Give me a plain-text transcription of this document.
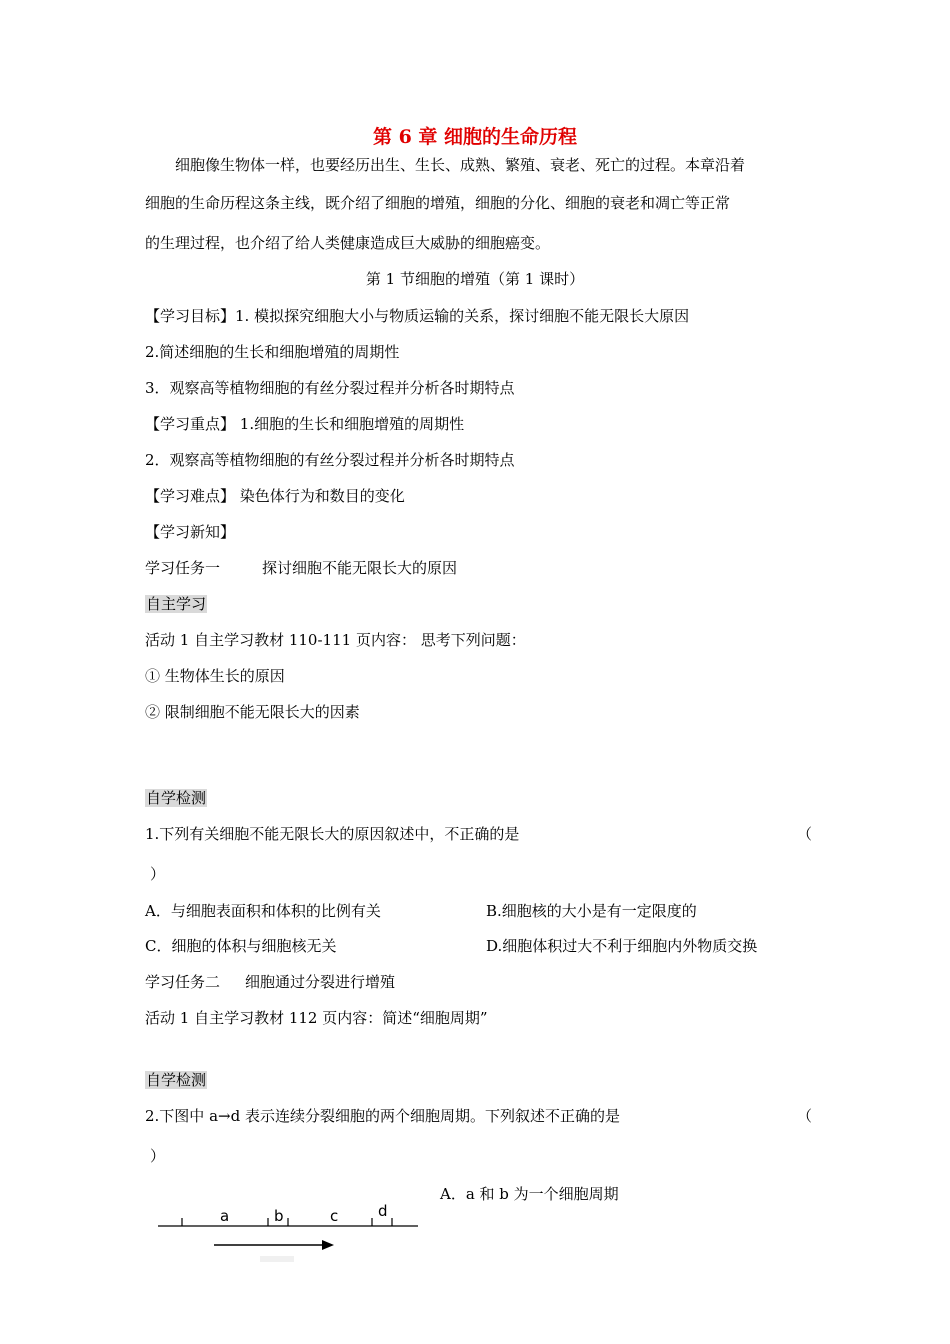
第 6 章 细胞的生命历程
细胞像生物体一样，也要经历出生、生长、成熟、繁殖、衰老、死亡的过程。本章沿着
细胞的生命历程这条主线，既介绍了细胞的增殖，细胞的分化、细胞的衰老和凋亡等正常
的生理过程，也介绍了给人类健康造成巨大威胁的细胞癌变。
第 1 节细胞的增殖（第 1 课时）
【学习目标】1. 模拟探究细胞大小与物质运输的关系，探讨细胞不能无限长大原因
2.简述细胞的生长和细胞增殖的周期性
3．观察高等植物细胞的有丝分裂过程并分析各时期特点
【学习重点】 1.细胞的生长和细胞增殖的周期性
2．观察高等植物细胞的有丝分裂过程并分析各时期特点
【学习难点】 染色体行为和数目的变化
【学习新知】
学习任务一	探讨细胞不能无限长大的原因
自主学习
活动 1 自主学习教材 110-111 页内容： 思考下列问题：
① 生物体生长的原因
② 限制细胞不能无限长大的因素
自学检测
1.下列有关细胞不能无限长大的原因叙述中，不正确的是	（
）
A．与细胞表面积和体积的比例有关	B.细胞核的大小是有一定限度的
C．细胞的体积与细胞核无关	D.细胞体积过大不利于细胞内外物质交换
学习任务二 细胞通过分裂进行增殖
活动 1 自主学习教材 112 页内容：简述“细胞周期”
自学检测
2.下图中 a→d 表示连续分裂细胞的两个细胞周期。下列叙述不正确的是	（
）
A．a 和 b 为一个细胞周期
a	b	c	d
